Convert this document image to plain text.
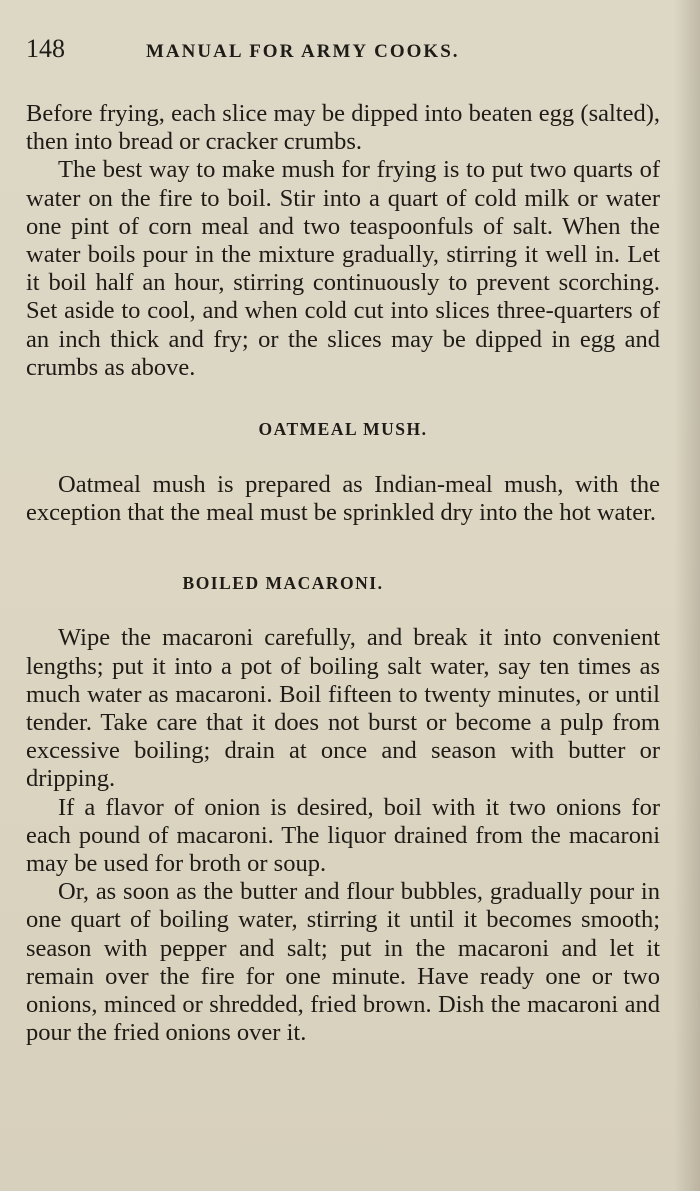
148	MANUAL FOR ARMY COOKS.

Before frying, each slice may be dipped into beaten egg (salted), then into bread or cracker crumbs.

The best way to make mush for frying is to put two quarts of water on the fire to boil. Stir into a quart of cold milk or water one pint of corn meal and two teaspoonfuls of salt. When the water boils pour in the mixture gradually, stirring it well in. Let it boil half an hour, stirring continuously to prevent scorching. Set aside to cool, and when cold cut into slices three-quarters of an inch thick and fry; or the slices may be dipped in egg and crumbs as above.

OATMEAL MUSH.

Oatmeal mush is prepared as Indian-meal mush, with the exception that the meal must be sprinkled dry into the hot water.

BOILED MACARONI.

Wipe the macaroni carefully, and break it into convenient lengths; put it into a pot of boiling salt water, say ten times as much water as macaroni. Boil fifteen to twenty minutes, or until tender. Take care that it does not burst or become a pulp from excessive boiling; drain at once and season with butter or dripping.

If a flavor of onion is desired, boil with it two onions for each pound of macaroni. The liquor drained from the macaroni may be used for broth or soup.

Or, as soon as the butter and flour bubbles, gradually pour in one quart of boiling water, stirring it until it becomes smooth; season with pepper and salt; put in the macaroni and let it remain over the fire for one minute. Have ready one or two onions, minced or shredded, fried brown. Dish the macaroni and pour the fried onions over it.
